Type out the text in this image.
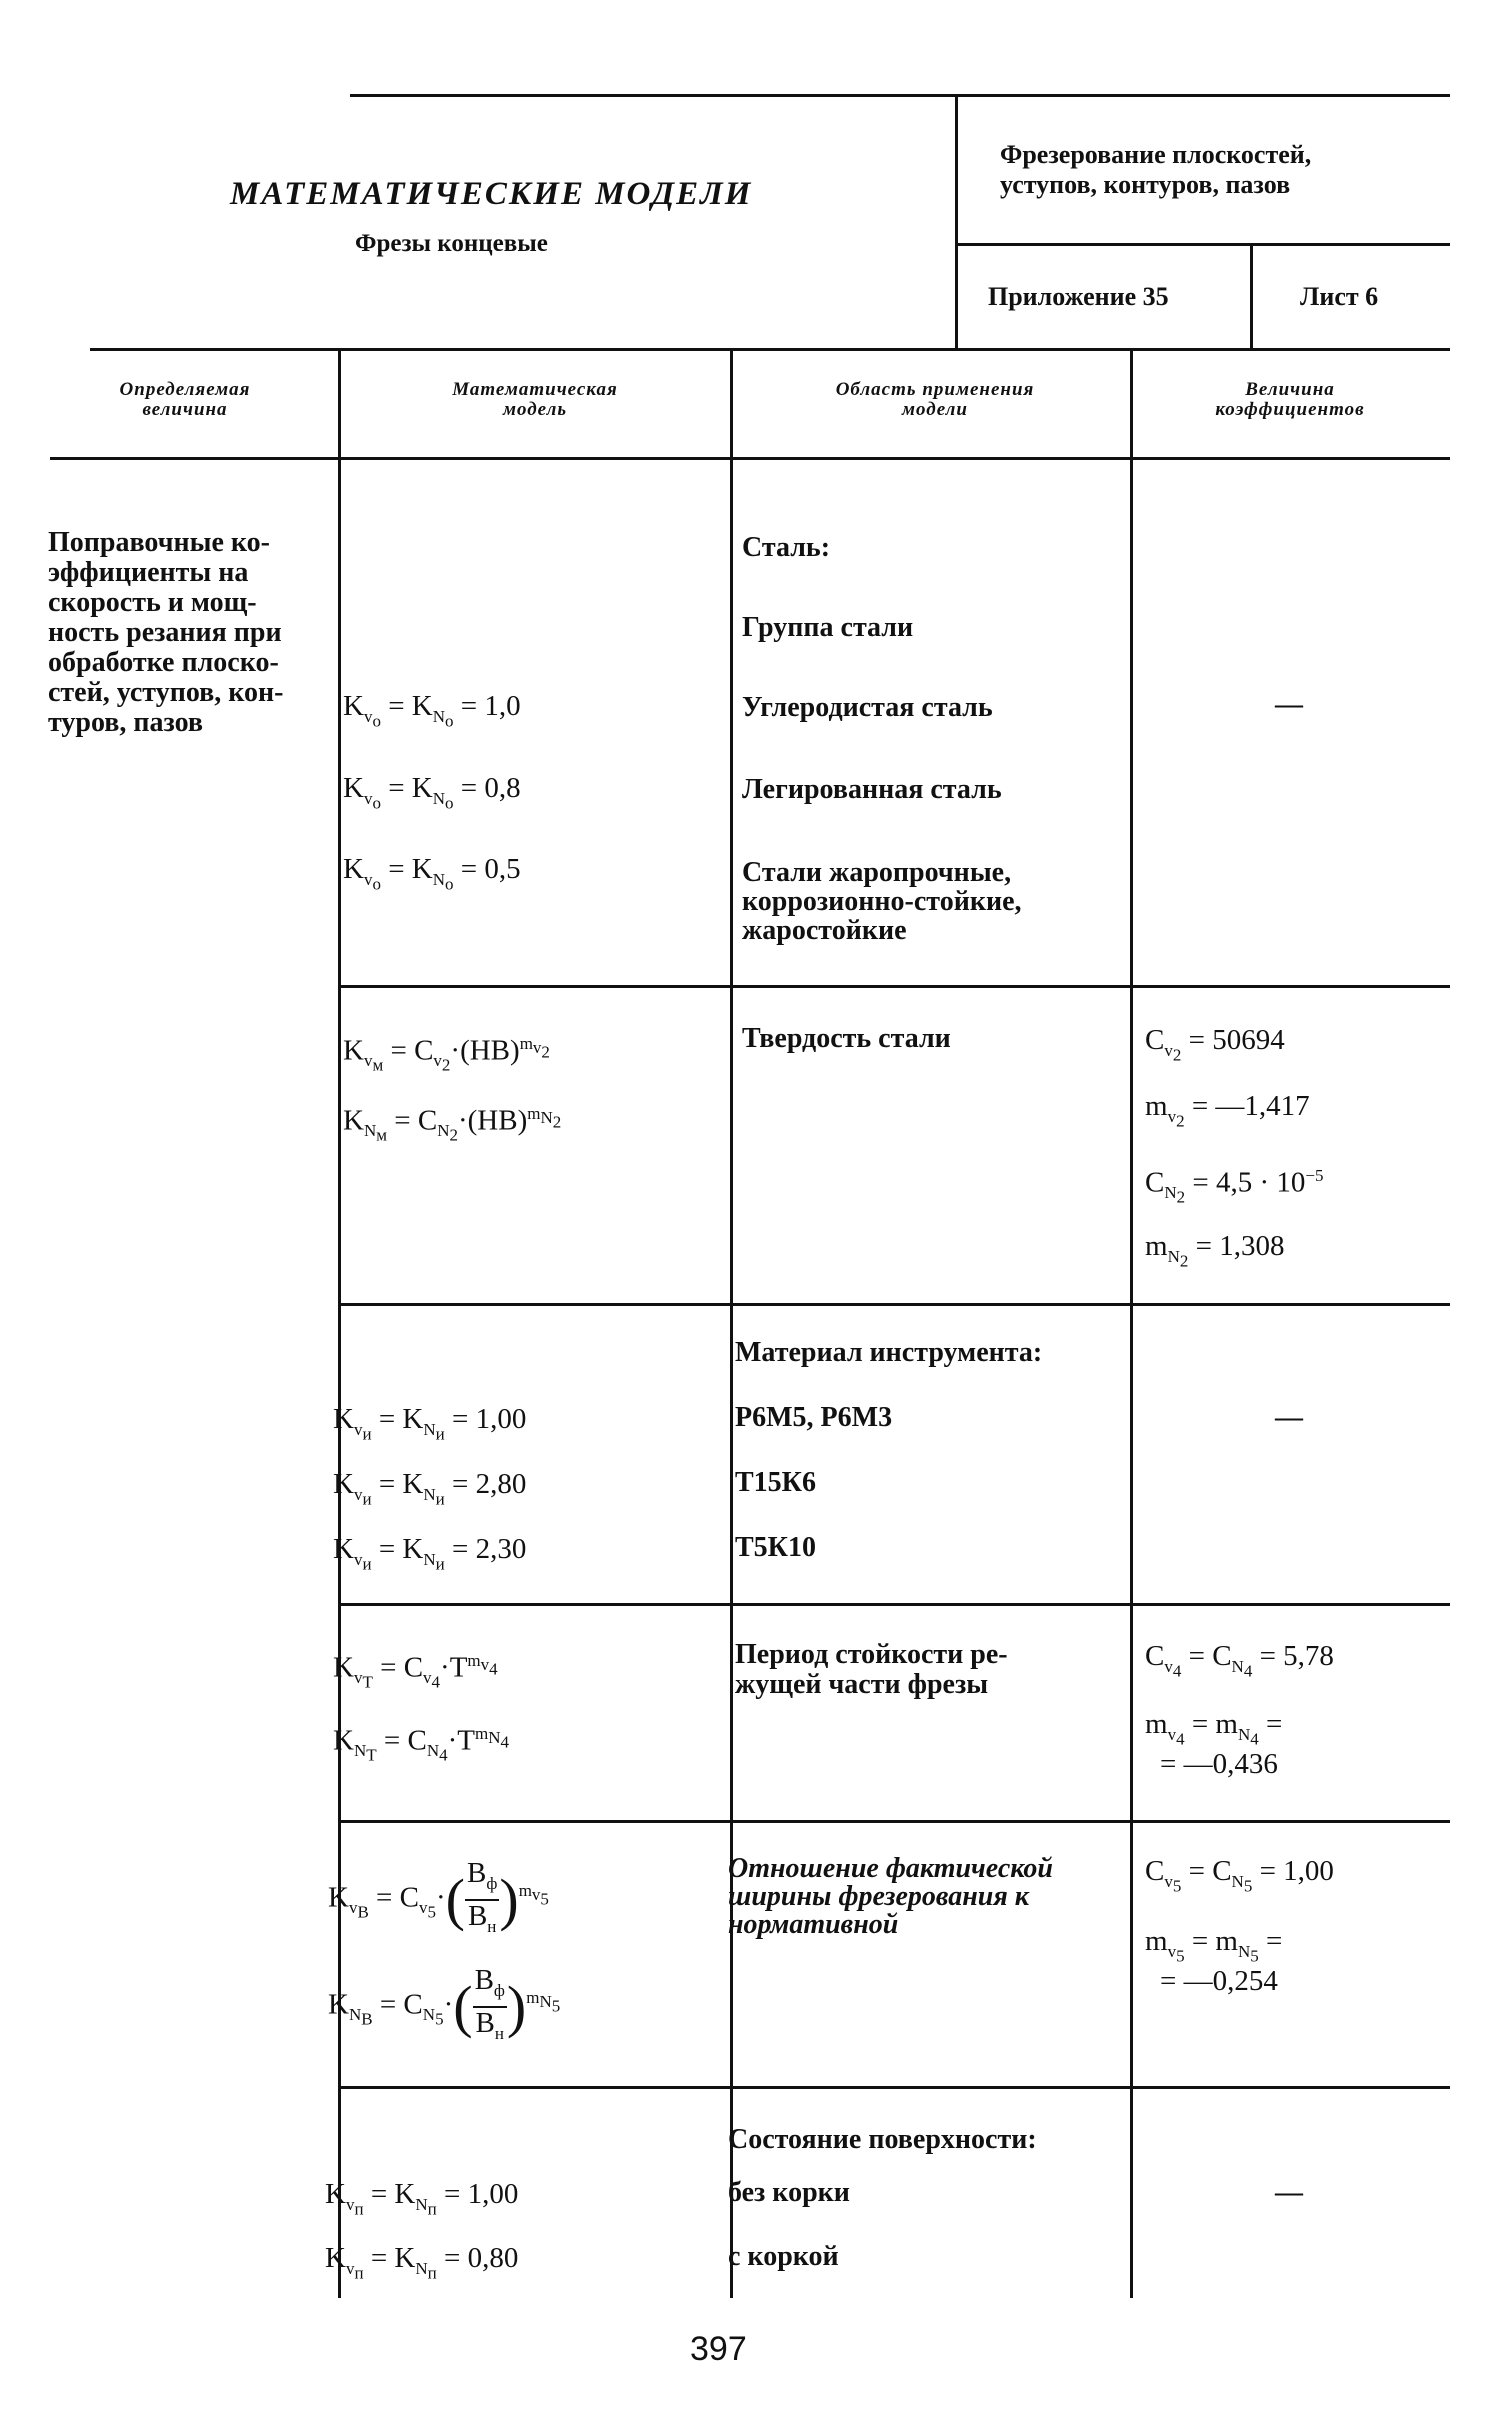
МАТЕМАТИЧЕСКИЕ МОДЕЛИ
Фрезы концевые
Фрезерование плоскостей,
уступов, контуров, пазов
Приложение 35	Лист 6
Определяемая
величина
Математическая
модель
Область применения
модели
Величина
коэффициентов
Поправочные ко-
эффициенты на
скорость и мощ-
ность резания при
обработке плоско-
стей, уступов, кон-
туров, пазов
Сталь:
Группа стали
Углеродистая сталь
Легированная сталь
Стали жаропрочные,
коррозионно-стойкие,
жаростойкие
$K_{v_o} = K_{N_o} = 1,0$
$K_{v_o} = K_{N_o} = 0,8$
$K_{v_o} = K_{N_o} = 0,5$
—
$K_{v_м} = C_{v_2}\cdot(HB)^{m_{v_2}}$
$K_{N_м} = C_{N_2}\cdot(HB)^{m_{N_2}}$
Твердость стали	$C_{v_2} = 50694$
$m_{v_2}$ = —1,417
$C_{N_2} = 4,5 \cdot 10^{-5}$
$m_{N_2} = 1,308$
Материал инструмента:
Р6М5, Р6М3
Т15К6
Т5К10
$K_{v_и} = K_{N_и} = 1,00$
$K_{v_и} = K_{N_и} = 2,80$
$K_{v_и} = K_{N_и} = 2,30$
—
$K_{v_T} = C_{v_4}\cdot T^{m_{v_4}}$
$K_{N_T} = C_{N_4}\cdot T^{m_{N_4}}$
Период стойкости ре-
жущей части фрезы
$C_{v_4} = C_{N_4} = 5,78$
$m_{v_4} = m_{N_4}$ =
= —0,436
$K_{v_B} = C_{v_5}\cdot( \frac{B_ф}{B_н} )^{m_{v_5}}$
$K_{N_B} = C_{N_5}\cdot( \frac{B_ф}{B_н} )^{m_{N_5}}$
Отношение фактической
ширины фрезерования к
нормативной
$C_{v_5} = C_{N_5} = 1,00$
$m_{v_5} = m_{N_5}$ =
= —0,254
Состояние поверхности:
без корки
с коркой
$K_{v_п} = K_{N_п} = 1,00$
$K_{v_п} = K_{N_п} = 0,80$
—
397
